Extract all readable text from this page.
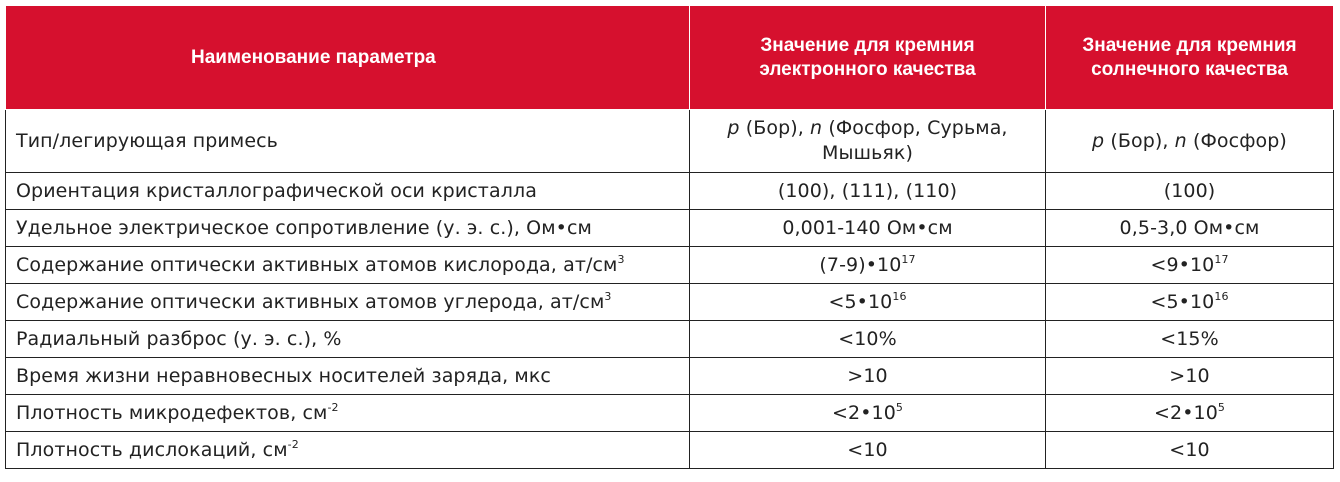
Наименование параметра	Значение для кремния электронного качества	Значение для кремния солнечного качества
Тип/легирующая примесь	p (Бор), n (Фосфор, Сурьма, Мышьяк)	p (Бор), n (Фосфор)
Ориентация кристаллографической оси кристалла	(100), (111), (110)	(100)
Удельное электрическое сопротивление (у. э. с.), Ом•см	0,001-140 Ом•см	0,5-3,0 Ом•см
Содержание оптически активных атомов кислорода, $ат/см^3$	$(7-9)•10^{17}$	$<9•10^{17}$
Содержание оптически активных атомов углерода, $ат/см^3$	$<5•10^{16}$	$<5•10^{16}$
Радиальный разброс (у. э. с.), %	<10%	<15%
Время жизни неравновесных носителей заряда, мкс	>10	>10
Плотность микродефектов, $см^{-2}$	$<2•10^5$	$<2•10^5$
Плотность дислокаций, $см^{-2}$	<10	<10
